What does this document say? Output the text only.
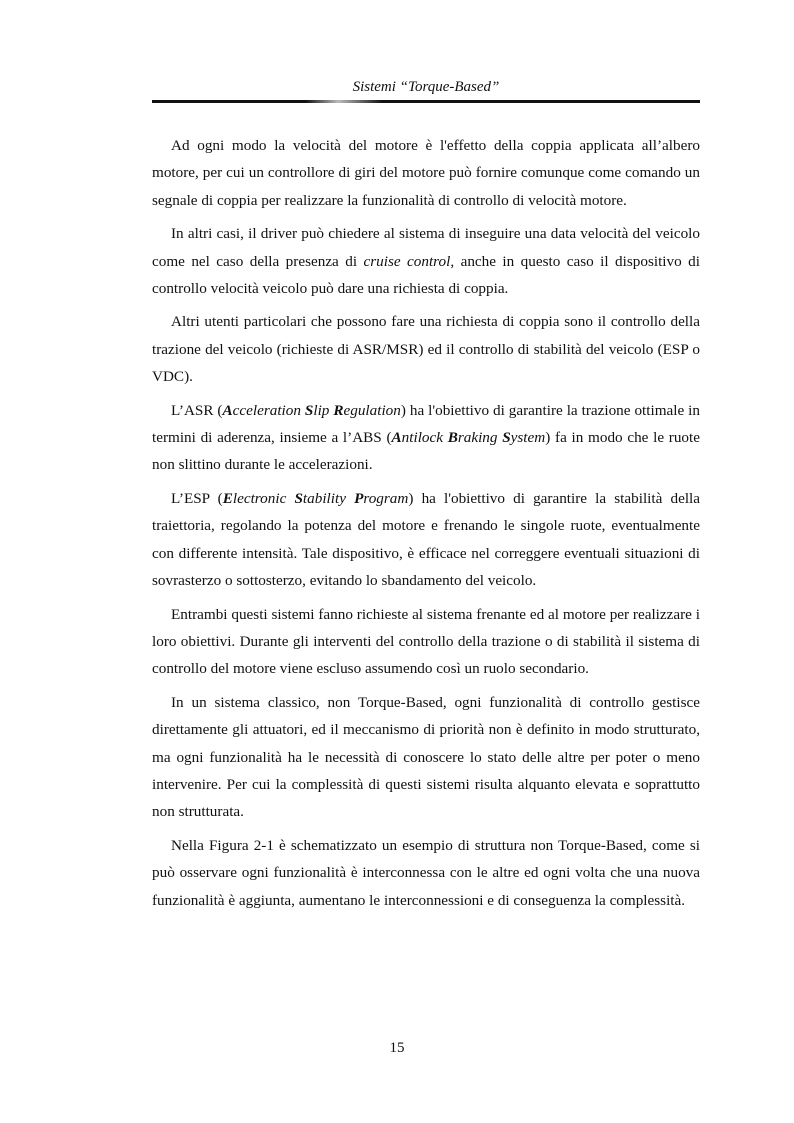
Sistemi “Torque-Based”

Ad ogni modo la velocità del motore è l'effetto della coppia applicata all’albero motore, per cui un controllore di giri del motore può fornire comunque come comando un segnale di coppia per realizzare la funzionalità di controllo di velocità motore.

In altri casi, il driver può chiedere al sistema di inseguire una data velocità del veicolo come nel caso della presenza di cruise control, anche in questo caso il dispositivo di controllo velocità veicolo può dare una richiesta di coppia.

Altri utenti particolari che possono fare una richiesta di coppia sono il controllo della trazione del veicolo (richieste di ASR/MSR) ed il controllo di stabilità del veicolo (ESP o VDC).

L’ASR (Acceleration Slip Regulation) ha l'obiettivo di garantire la trazione ottimale in termini di aderenza, insieme a l’ABS (Antilock Braking System) fa in modo che le ruote non slittino durante le accelerazioni.

L’ESP (Electronic Stability Program) ha l'obiettivo di garantire la stabilità della traiettoria, regolando la potenza del motore e frenando le singole ruote, eventualmente con differente intensità. Tale dispositivo, è efficace nel correggere eventuali situazioni di sovrasterzo o sottosterzo, evitando lo sbandamento del veicolo.

Entrambi questi sistemi fanno richieste al sistema frenante ed al motore per realizzare i loro obiettivi. Durante gli interventi del controllo della trazione o di stabilità il sistema di controllo del motore viene escluso assumendo così un ruolo secondario.

In un sistema classico, non Torque-Based, ogni funzionalità di controllo gestisce direttamente gli attuatori, ed il meccanismo di priorità non è definito in modo strutturato, ma ogni funzionalità ha le necessità di conoscere lo stato delle altre per poter o meno intervenire. Per cui la complessità di questi sistemi risulta alquanto elevata e soprattutto non strutturata.

Nella Figura 2-1 è schematizzato un esempio di struttura non Torque-Based, come si può osservare ogni funzionalità è interconnessa con le altre ed ogni volta che una nuova funzionalità è aggiunta, aumentano le interconnessioni e di conseguenza la complessità.

15
